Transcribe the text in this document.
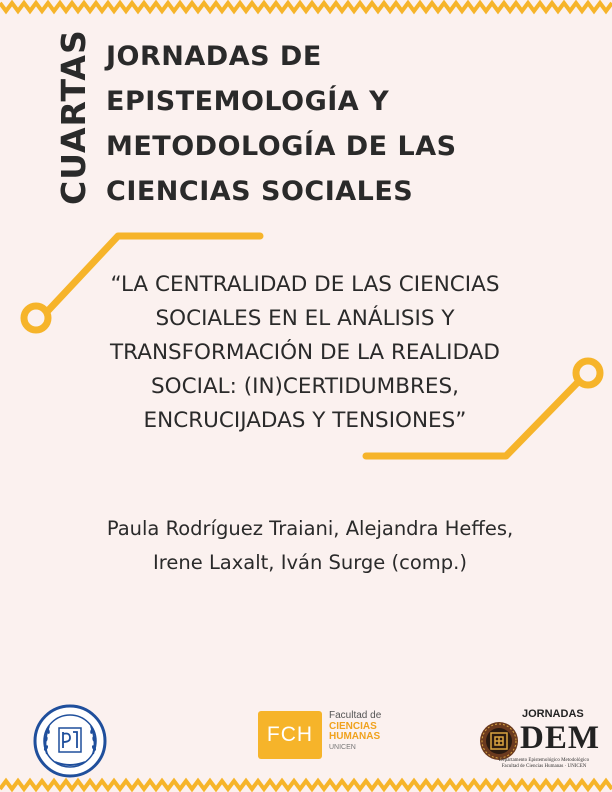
CUARTAS JORNADAS DE
EPISTEMOLOGÍA Y
METODOLOGÍA DE LAS
CIENCIAS SOCIALES
“LA CENTRALIDAD DE LAS CIENCIAS
SOCIALES EN EL ANÁLISIS Y
TRANSFORMACIÓN DE LA REALIDAD
SOCIAL: (IN)CERTIDUMBRES,
ENCRUCIJADAS Y TENSIONES”
Paula Rodríguez Traiani, Alejandra Heffes,
Irene Laxalt, Iván Surge (comp.)
FCH
Facultad de
CIENCIAS
HUMANAS
UNICEN
JORNADAS
DEM
Departamento Epistemológico Metodológico
Facultad de Ciencias Humanas · UNICEN
